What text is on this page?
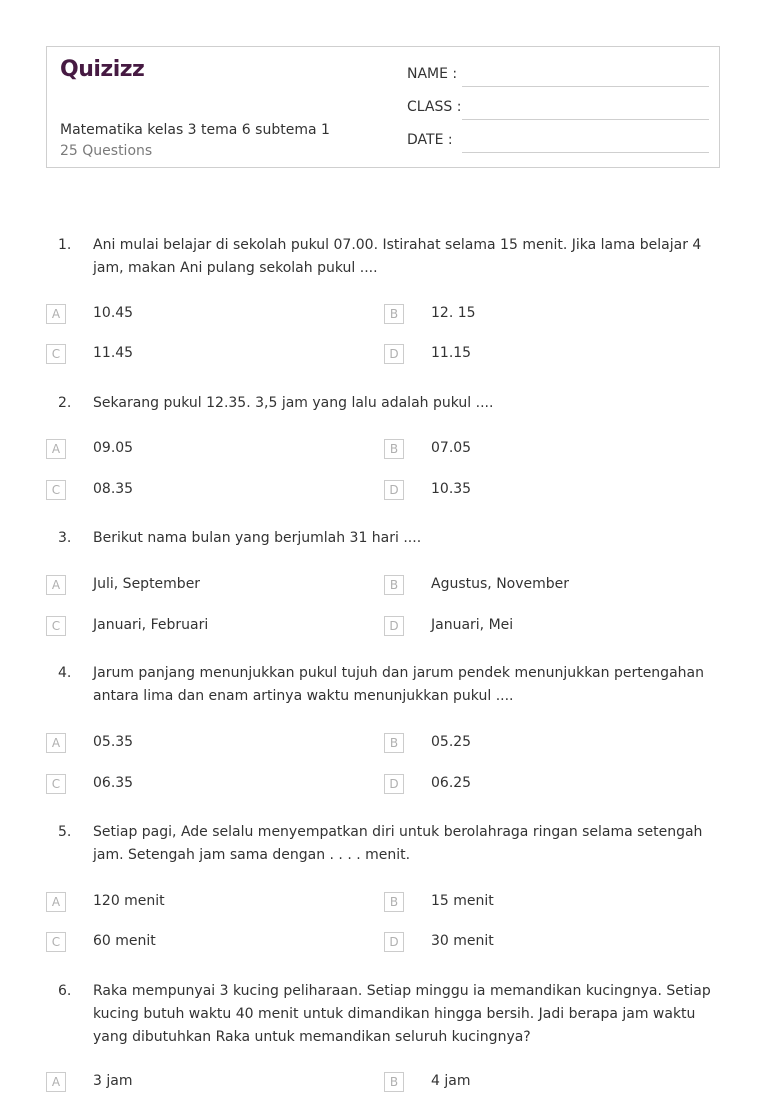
Quizizz
Matematika kelas 3 tema 6 subtema 1
25 Questions
NAME :
CLASS :
DATE :
1. Ani mulai belajar di sekolah pukul 07.00. Istirahat selama 15 menit. Jika lama belajar 4 jam, makan Ani pulang sekolah pukul ....
A	10.45	B	12. 15
C	11.45	D	11.15
2. Sekarang pukul 12.35. 3,5 jam yang lalu adalah pukul ....
A	09.05	B	07.05
C	08.35	D	10.35
3. Berikut nama bulan yang berjumlah 31 hari ....
A	Juli, September	B	Agustus, November
C	Januari, Februari	D	Januari, Mei
4. Jarum panjang menunjukkan pukul tujuh dan jarum pendek menunjukkan pertengahan antara lima dan enam artinya waktu menunjukkan pukul ....
A	05.35	B	05.25
C	06.35	D	06.25
5. Setiap pagi, Ade selalu menyempatkan diri untuk berolahraga ringan selama setengah jam. Setengah jam sama dengan . . . . menit.
A	120 menit	B	15 menit
C	60 menit	D	30 menit
6. Raka mempunyai 3 kucing peliharaan. Setiap minggu ia memandikan kucingnya. Setiap kucing butuh waktu 40 menit untuk dimandikan hingga bersih. Jadi berapa jam waktu yang dibutuhkan Raka untuk memandikan seluruh kucingnya?
A	3 jam	B	4 jam
